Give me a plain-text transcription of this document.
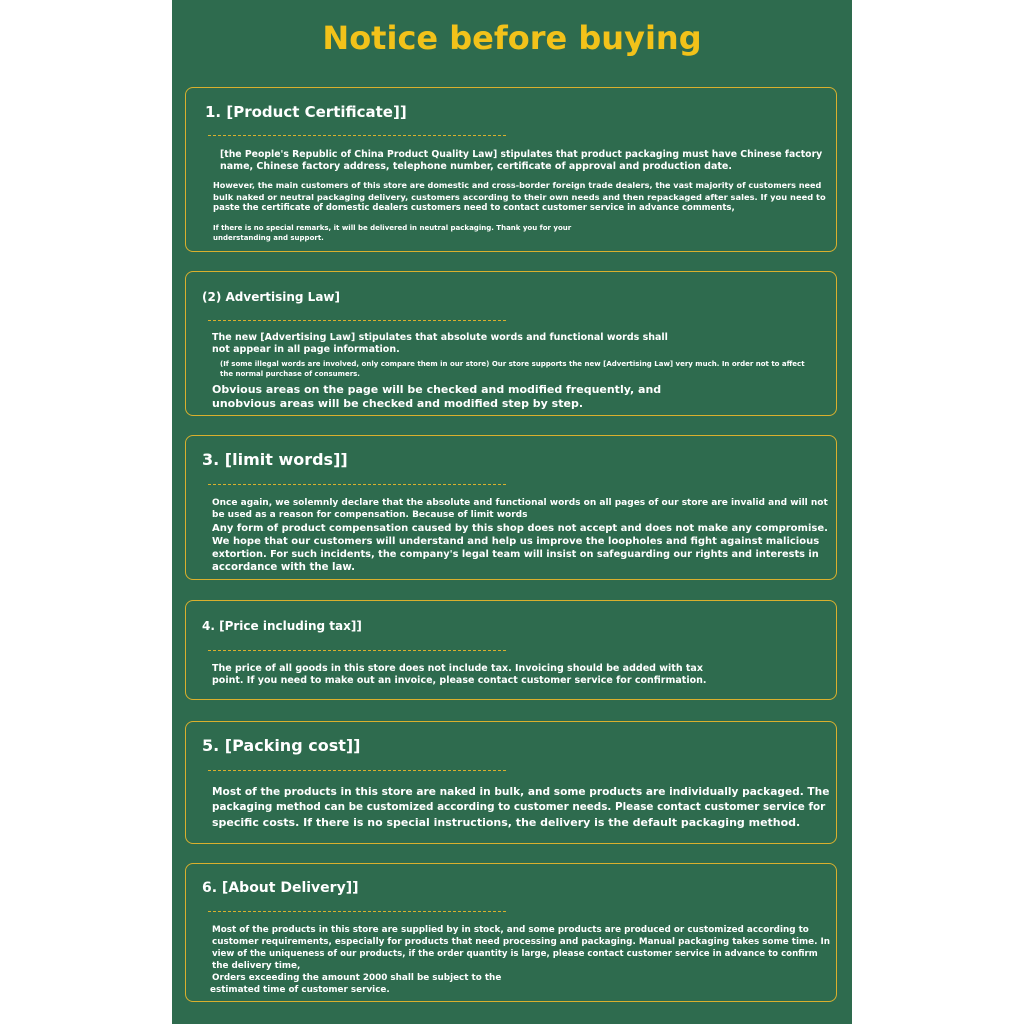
Notice before buying
1. [Product Certificate]]
[the People's Republic of China Product Quality Law] stipulates that product packaging must have Chinese factory
name, Chinese factory address, telephone number, certificate of approval and production date.
However, the main customers of this store are domestic and cross-border foreign trade dealers, the vast majority of customers need
bulk naked or neutral packaging delivery, customers according to their own needs and then repackaged after sales. If you need to
paste the certificate of domestic dealers customers need to contact customer service in advance comments,
If there is no special remarks, it will be delivered in neutral packaging. Thank you for your
understanding and support.
(2) Advertising Law]
The new [Advertising Law] stipulates that absolute words and functional words shall
not appear in all page information.
(If some illegal words are involved, only compare them in our store) Our store supports the new [Advertising Law] very much. In order not to affect
the normal purchase of consumers.
Obvious areas on the page will be checked and modified frequently, and
unobvious areas will be checked and modified step by step.
3. [limit words]]
Once again, we solemnly declare that the absolute and functional words on all pages of our store are invalid and will not
be used as a reason for compensation. Because of limit words
Any form of product compensation caused by this shop does not accept and does not make any compromise.
We hope that our customers will understand and help us improve the loopholes and fight against malicious
extortion. For such incidents, the company's legal team will insist on safeguarding our rights and interests in
accordance with the law.
4. [Price including tax]]
The price of all goods in this store does not include tax. Invoicing should be added with tax
point. If you need to make out an invoice, please contact customer service for confirmation.
5. [Packing cost]]
Most of the products in this store are naked in bulk, and some products are individually packaged. The
packaging method can be customized according to customer needs. Please contact customer service for
specific costs. If there is no special instructions, the delivery is the default packaging method.
6. [About Delivery]]
Most of the products in this store are supplied by in stock, and some products are produced or customized according to
customer requirements, especially for products that need processing and packaging. Manual packaging takes some time. In
view of the uniqueness of our products, if the order quantity is large, please contact customer service in advance to confirm
the delivery time,
Orders exceeding the amount 2000 shall be subject to the
estimated time of customer service.
